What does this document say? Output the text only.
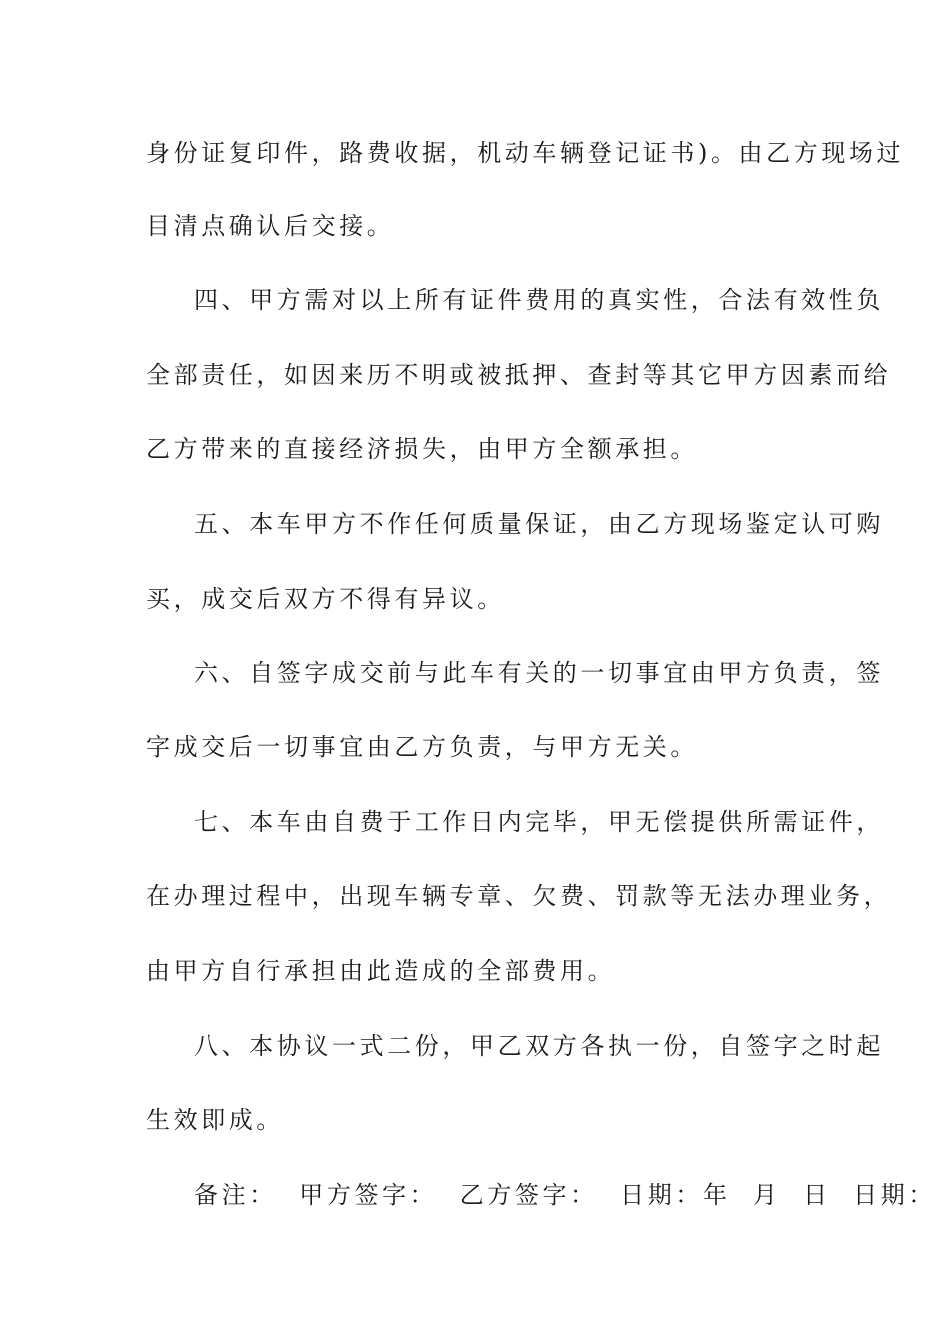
身份证复印件，路费收据，机动车辆登记证书)。由乙方现场过
目清点确认后交接。
四、甲方需对以上所有证件费用的真实性，合法有效性负
全部责任，如因来历不明或被抵押、查封等其它甲方因素而给
乙方带来的直接经济损失，由甲方全额承担。
五、本车甲方不作任何质量保证，由乙方现场鉴定认可购
买，成交后双方不得有异议。
六、自签字成交前与此车有关的一切事宜由甲方负责，签
字成交后一切事宜由乙方负责，与甲方无关。
七、本车由自费于工作日内完毕，甲无偿提供所需证件，
在办理过程中，出现车辆专章、欠费、罚款等无法办理业务，
由甲方自行承担由此造成的全部费用。
八、本协议一式二份，甲乙双方各执一份，自签字之时起
生效即成。
备注：  甲方签字：  乙方签字：  日期：年  月  日  日期：
